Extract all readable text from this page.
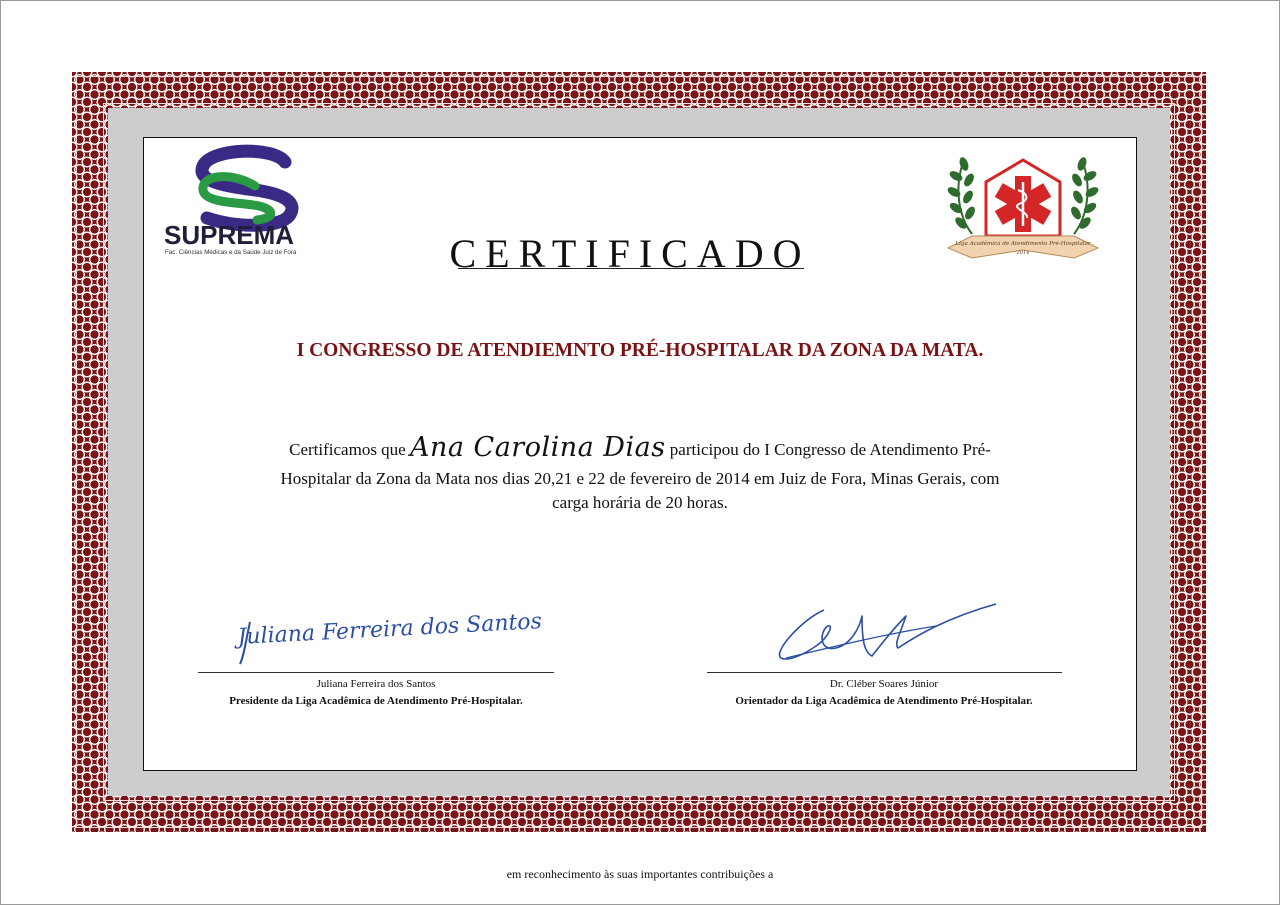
SUPREMA
Fac. Ciências Médicas e da Saúde Juiz de Fora
Liga Acadêmica de Atendimento Pré-Hospitalar
2014
CERTIFICADO
I CONGRESSO DE ATENDIEMNTO PRÉ-HOSPITALAR DA ZONA DA MATA.
Certificamos que Ana Carolina Dias participou do I Congresso de Atendimento Pré-
Hospitalar da Zona da Mata nos dias 20,21 e 22 de fevereiro de 2014 em Juiz de Fora, Minas Gerais, com
carga horária de 20 horas.
Juliana Ferreira dos Santos
Juliana Ferreira dos Santos
Presidente da Liga Acadêmica de Atendimento Pré-Hospitalar.
Dr. Cléber Soares Júnior
Orientador da Liga Acadêmica de Atendimento Pré-Hospitalar.
em reconhecimento às suas importantes contribuições a
